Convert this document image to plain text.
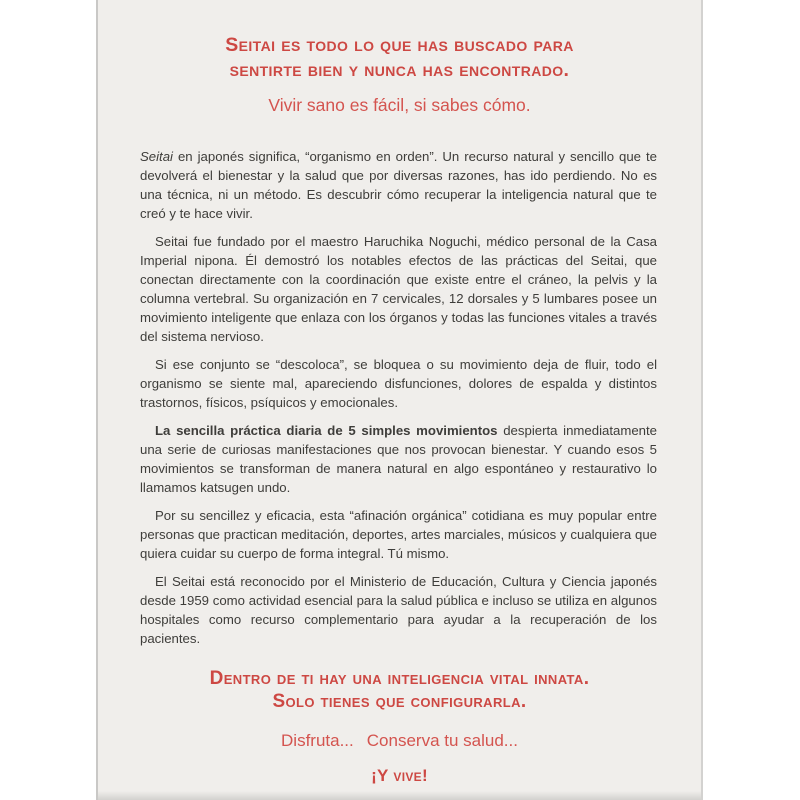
Seitai es todo lo que has buscado para
sentirte bien y nunca has encontrado.
Vivir sano es fácil, si sabes cómo.

Seitai en japonés significa, “organismo en orden”. Un recurso natural y sencillo que te devolverá el bienestar y la salud que por diversas razones, has ido perdiendo. No es una técnica, ni un método. Es descubrir cómo recuperar la inteligencia natural que te creó y te hace vivir.

Seitai fue fundado por el maestro Haruchika Noguchi, médico personal de la Casa Imperial nipona. Él demostró los notables efectos de las prácticas del Seitai, que conectan directamente con la coordinación que existe entre el cráneo, la pelvis y la columna vertebral. Su organización en 7 cervicales, 12 dorsales y 5 lumbares posee un movimiento inteligente que enlaza con los órganos y todas las funciones vitales a través del sistema nervioso.

Si ese conjunto se “descoloca”, se bloquea o su movimiento deja de fluir, todo el organismo se siente mal, apareciendo disfunciones, dolores de espalda y distintos trastornos, físicos, psíquicos y emocionales.

La sencilla práctica diaria de 5 simples movimientos despierta inmediatamente una serie de curiosas manifestaciones que nos provocan bienestar. Y cuando esos 5 movimientos se transforman de manera natural en algo espontáneo y restaurativo lo llamamos katsugen undo.

Por su sencillez y eficacia, esta “afinación orgánica” cotidiana es muy popular entre personas que practican meditación, deportes, artes marciales, músicos y cualquiera que quiera cuidar su cuerpo de forma integral. Tú mismo.

El Seitai está reconocido por el Ministerio de Educación, Cultura y Ciencia japonés desde 1959 como actividad esencial para la salud pública e incluso se utiliza en algunos hospitales como recurso complementario para ayudar a la recuperación de los pacientes.

Dentro de ti hay una inteligencia vital innata.
Solo tienes que configurarla.
Disfruta... Conserva tu salud...
¡Y vive!
